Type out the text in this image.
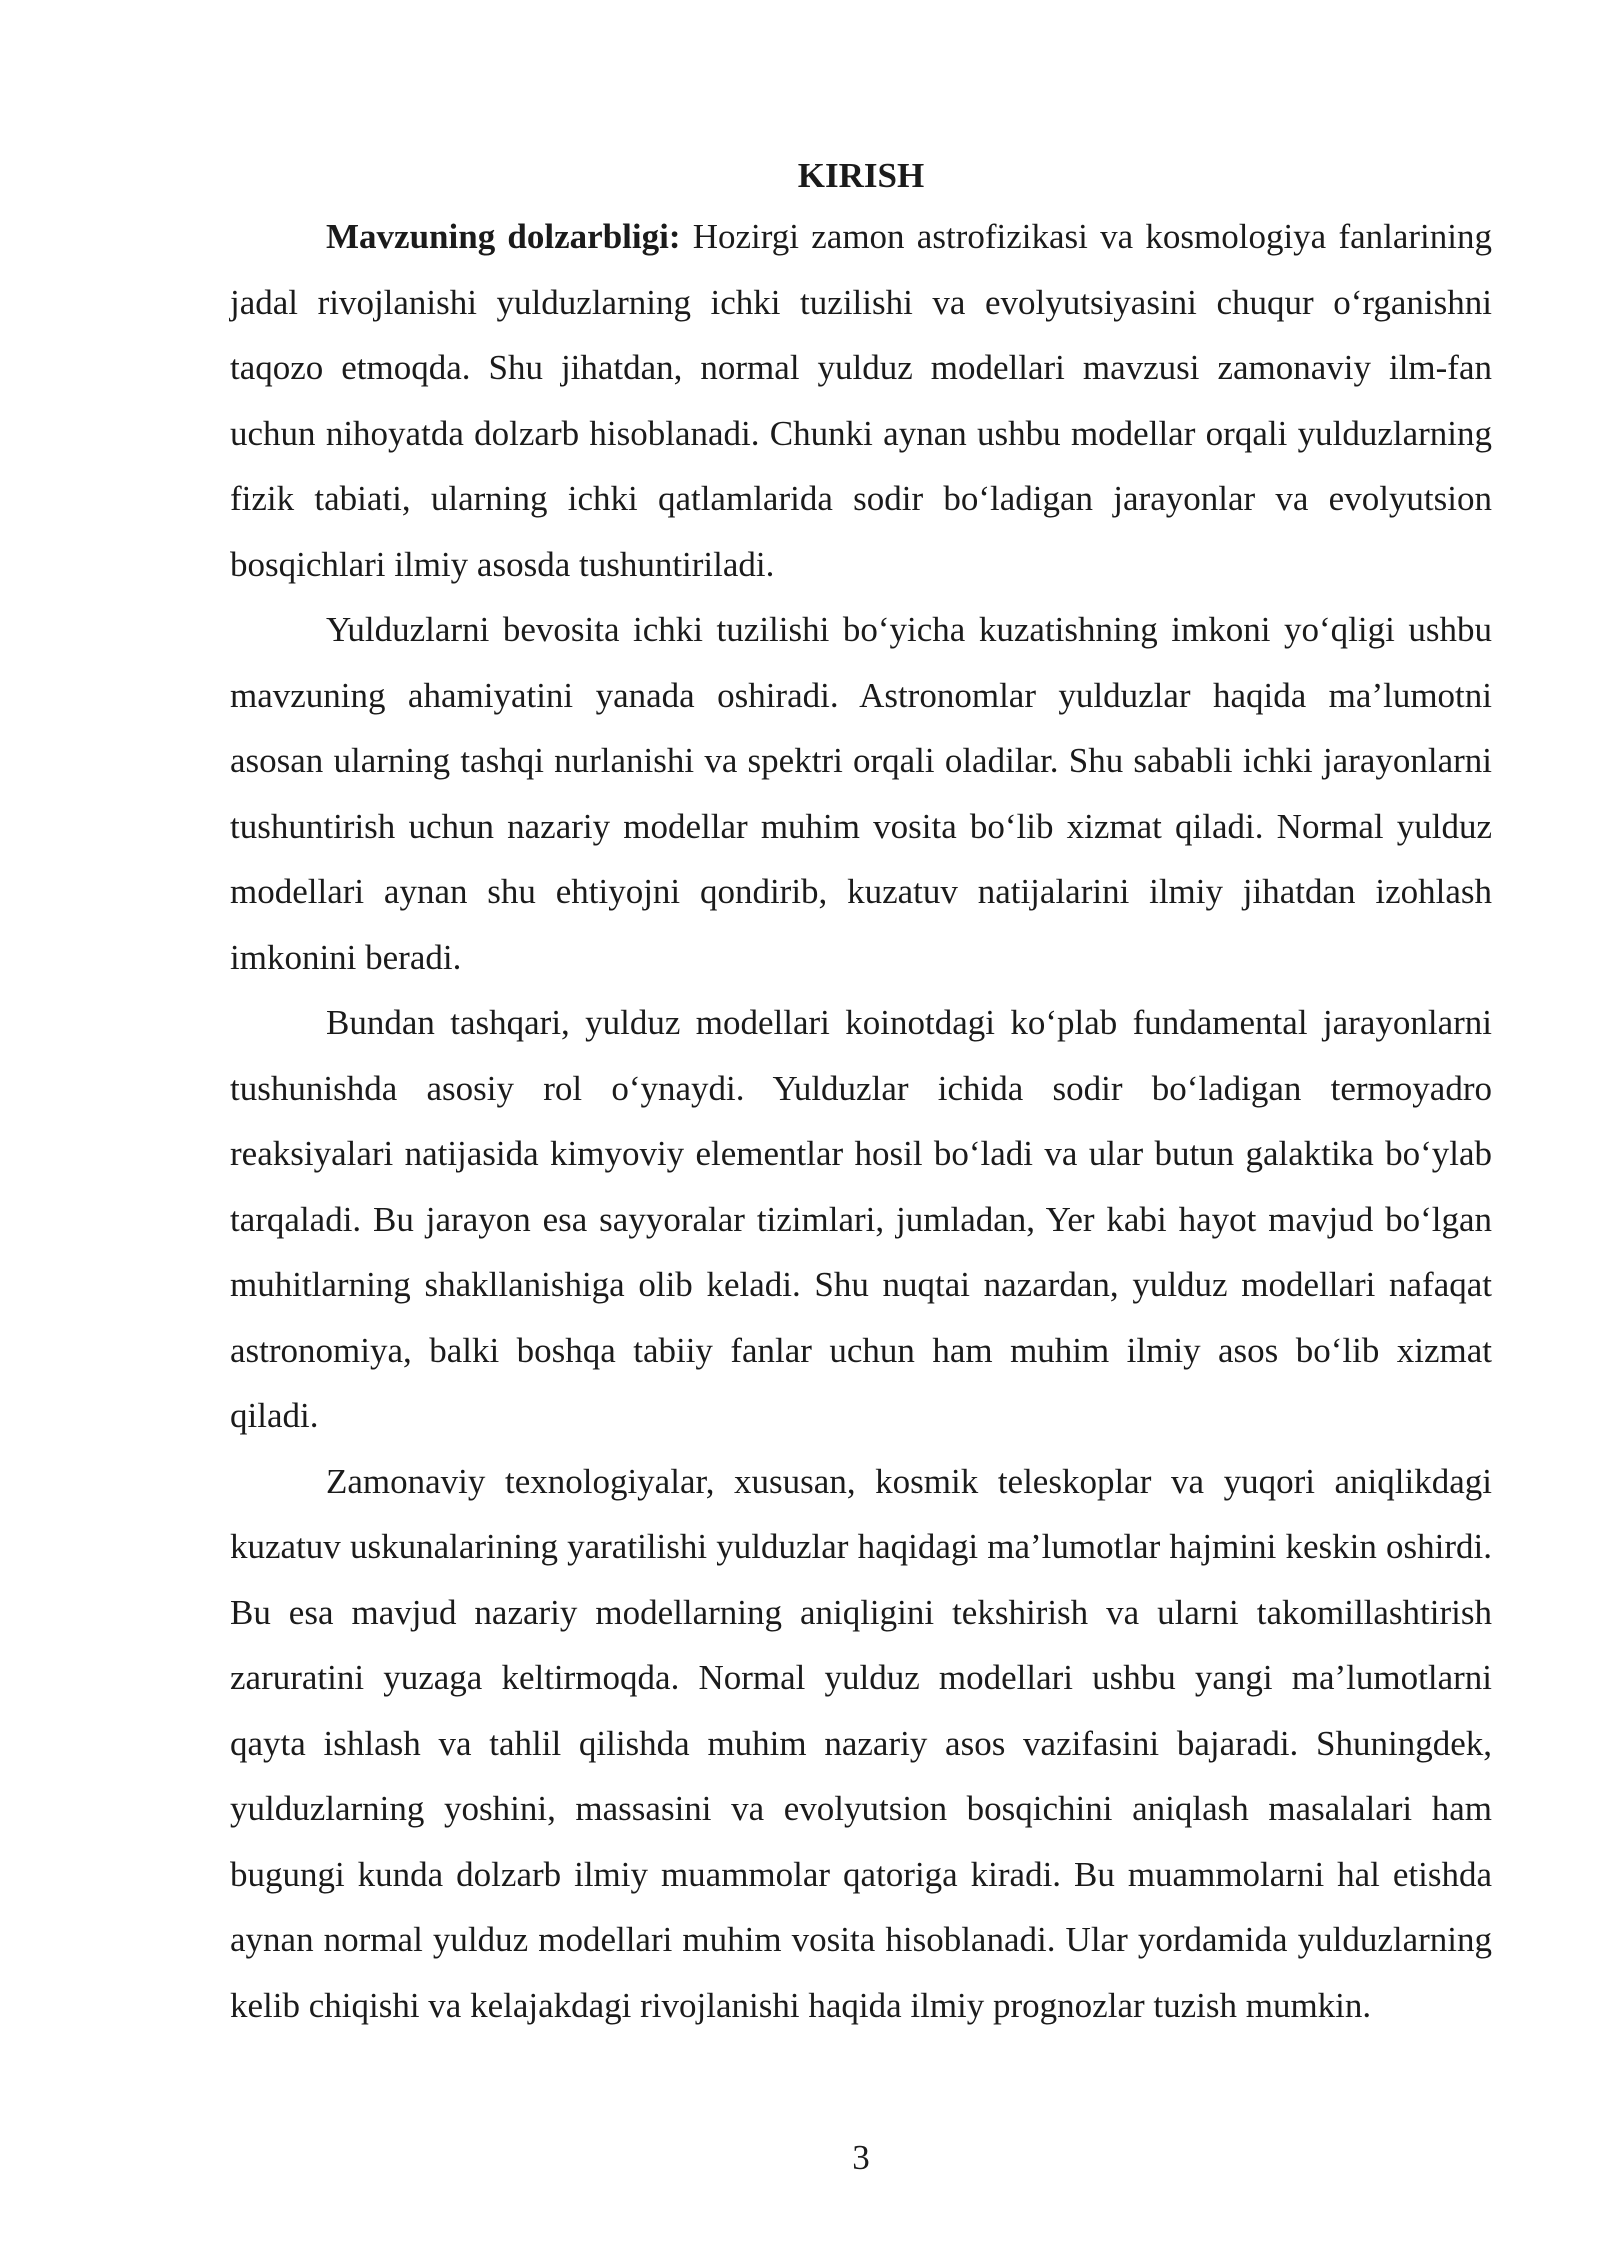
KIRISH

Mavzuning dolzarbligi: Hozirgi zamon astrofizikasi va kosmologiya fanlarining jadal rivojlanishi yulduzlarning ichki tuzilishi va evolyutsiyasini chuqur o‘rganishni taqozo etmoqda. Shu jihatdan, normal yulduz modellari mavzusi zamonaviy ilm-fan uchun nihoyatda dolzarb hisoblanadi. Chunki aynan ushbu modellar orqali yulduzlarning fizik tabiati, ularning ichki qatlamlarida sodir bo‘ladigan jarayonlar va evolyutsion bosqichlari ilmiy asosda tushuntiriladi.

Yulduzlarni bevosita ichki tuzilishi bo‘yicha kuzatishning imkoni yo‘qligi ushbu mavzuning ahamiyatini yanada oshiradi. Astronomlar yulduzlar haqida ma’lumotni asosan ularning tashqi nurlanishi va spektri orqali oladilar. Shu sababli ichki jarayonlarni tushuntirish uchun nazariy modellar muhim vosita bo‘lib xizmat qiladi. Normal yulduz modellari aynan shu ehtiyojni qondirib, kuzatuv natijalarini ilmiy jihatdan izohlash imkonini beradi.

Bundan tashqari, yulduz modellari koinotdagi ko‘plab fundamental jarayonlarni tushunishda asosiy rol o‘ynaydi. Yulduzlar ichida sodir bo‘ladigan termoyadro reaksiyalari natijasida kimyoviy elementlar hosil bo‘ladi va ular butun galaktika bo‘ylab tarqaladi. Bu jarayon esa sayyoralar tizimlari, jumladan, Yer kabi hayot mavjud bo‘lgan muhitlarning shakllanishiga olib keladi. Shu nuqtai nazardan, yulduz modellari nafaqat astronomiya, balki boshqa tabiiy fanlar uchun ham muhim ilmiy asos bo‘lib xizmat qiladi.

Zamonaviy texnologiyalar, xususan, kosmik teleskoplar va yuqori aniqlikdagi kuzatuv uskunalarining yaratilishi yulduzlar haqidagi ma’lumotlar hajmini keskin oshirdi. Bu esa mavjud nazariy modellarning aniqligini tekshirish va ularni takomillashtirish zaruratini yuzaga keltirmoqda. Normal yulduz modellari ushbu yangi ma’lumotlarni qayta ishlash va tahlil qilishda muhim nazariy asos vazifasini bajaradi. Shuningdek, yulduzlarning yoshini, massasini va evolyutsion bosqichini aniqlash masalalari ham bugungi kunda dolzarb ilmiy muammolar qatoriga kiradi. Bu muammolarni hal etishda aynan normal yulduz modellari muhim vosita hisoblanadi. Ular yordamida yulduzlarning kelib chiqishi va kelajakdagi rivojlanishi haqida ilmiy prognozlar tuzish mumkin.

3
